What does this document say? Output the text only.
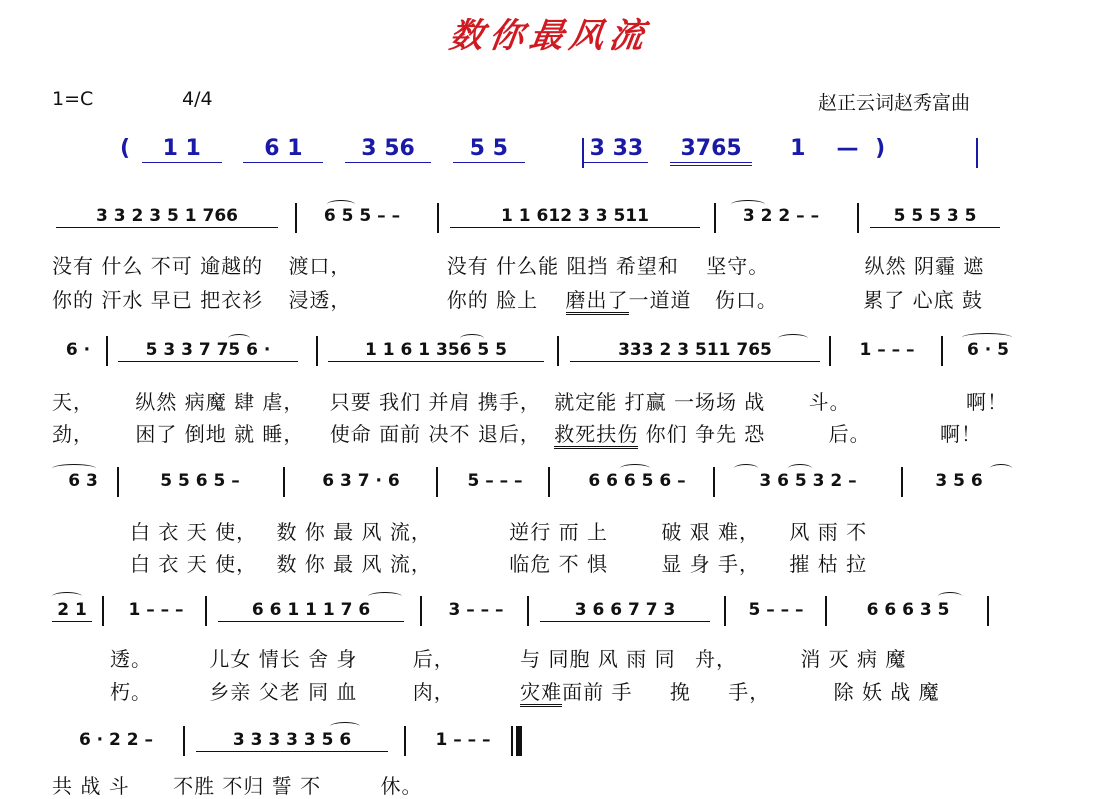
数你最风流
1=C	4/4	赵正云词赵秀富曲
( 1 1	6 1	3 56 5 5	3 33 3765 1 — )
3 3 2 3 5 1 766	6 5 5 – –	1 1 612 3 3 511	3 2 2 – –	5 5 5 3 5
没有 什么 不可 逾越的 渡口，	没有 什么能 阻挡 希望和 坚守。	纵然 阴霾 遮
你的 汗水 早已 把衣衫 浸透，	你的 脸上 磨出了一道道 伤口。	累了 心底 鼓
6 ·	5 3 3 7 75 6 ·	1 1 6 1 356 5 5	333 2 3 511 765	1 – – –	6 · 5
天， 纵然 病魔 肆 虐， 只要 我们 并肩 携手， 就定能 打赢 一场场 战 斗。	啊！
劲， 困了 倒地 就 睡， 使命 面前 决不 退后， 救死扶伤 你们 争先 恐	后。	啊！
6 3	5 5 6 5 –	6 3 7 · 6	5 – – –	6 6 6 5 6 –	3 6 5 3 2 –	3 5 6
白 衣 天 使， 数 你 最 风 流，	逆行 而 上	破 艰 难， 风 雨 不
白 衣 天 使， 数 你 最 风 流，	临危 不 惧	显 身 手， 摧 枯 拉
2 1	1 – – –	6 6 1 1 1 7 6	3 – – –	3 6 6 7 7 3	5 – – –	6 6 6 3 5
透。	儿女 情长 舍 身	后，	与 同胞 风 雨 同 舟，	消 灭 病 魔
朽。	乡亲 父老 同 血	肉，	灾难面前 手 挽 手，	除 妖 战 魔
6 · 2 2 –	3 3 3 3 3 5 6	1 – – –
共 战 斗 不胜 不归 誓 不	休。
